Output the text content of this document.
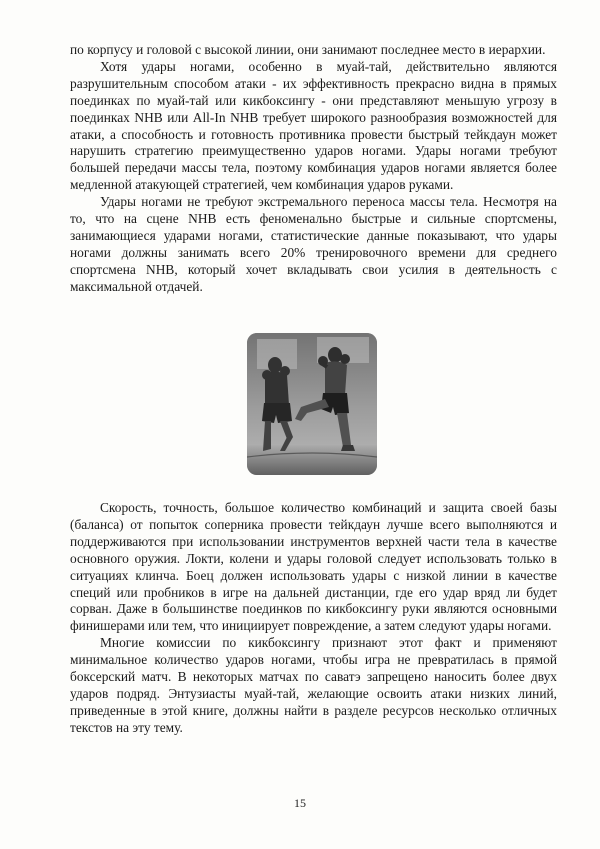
по корпусу и головой с высокой линии, они занимают последнее место в иерархии.

Хотя удары ногами, особенно в муай-тай, действительно являются разрушительным способом атаки - их эффективность прекрасно видна в прямых поединках по муай-тай или кикбоксингу - они представляют меньшую угрозу в поединках NHB или All-In NHB требует широкого разнообразия возможностей для атаки, а способность и готовность противника провести быстрый тейкдаун может нарушить стратегию преимущественно ударов ногами. Удары ногами требуют большей передачи массы тела, поэтому комбинация ударов ногами является более медленной атакующей стратегией, чем комбинация ударов руками.

Удары ногами не требуют экстремального переноса массы тела. Несмотря на то, что на сцене NHB есть феноменально быстрые и сильные спортсмены, занимающиеся ударами ногами, статистические данные показывают, что удары ногами должны занимать всего 20% тренировочного времени для среднего спортсмена NHB, который хочет вкладывать свои усилия в деятельность с максимальной отдачей.

Скорость, точность, большое количество комбинаций и защита своей базы (баланса) от попыток соперника провести тейкдаун лучше всего выполняются и поддерживаются при использовании инструментов верхней части тела в качестве основного оружия. Локти, колени и удары головой следует использовать только в ситуациях клинча. Боец должен использовать удары с низкой линии в качестве специй или пробников в игре на дальней дистанции, где его удар вряд ли будет сорван. Даже в большинстве поединков по кикбоксингу руки являются основными финишерами или тем, что инициирует повреждение, а затем следуют удары ногами.

Многие комиссии по кикбоксингу признают этот факт и применяют минимальное количество ударов ногами, чтобы игра не превратилась в прямой боксерский матч. В некоторых матчах по саватэ запрещено наносить более двух ударов подряд. Энтузиасты муай-тай, желающие освоить атаки низких линий, приведенные в этой книге, должны найти в разделе ресурсов несколько отличных текстов на эту тему.

15
